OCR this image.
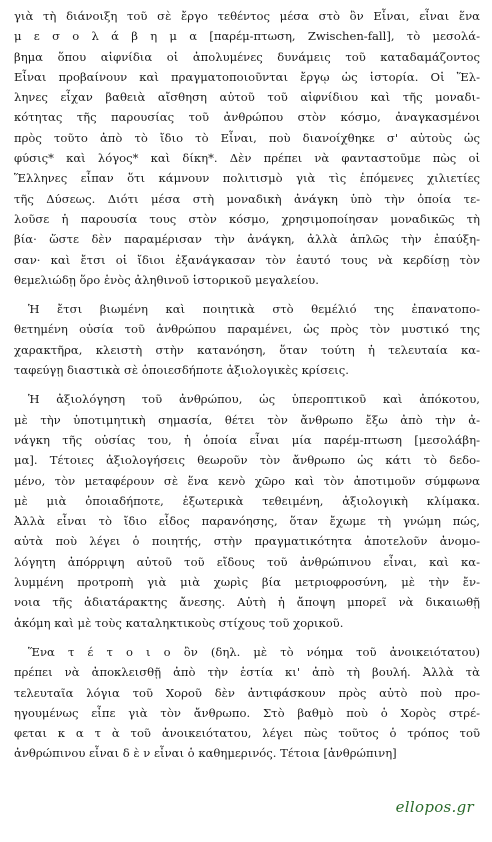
γιὰ τὴ διάνοιξη τοῦ σὲ ἔργο τεθέντος μέσα στὸ ὂν Εἶναι, εἶναι ἕνα
μ ε σ ο λ ά β η μ α [παρέμ-πτωση, Zwischen-fall], τὸ μεσολά-
βημα ὅπου αἰφνίδια οἱ ἀπολυμένες δυνάμεις τοῦ καταδαμάζοντος
Εἶναι προβαίνουν καὶ πραγματοποιοῦνται ἔργῳ ὡς ἱστορία. Οἱ Ἕλ-
ληνες εἶχαν βαθειὰ αἴσθηση αὐτοῦ τοῦ αἰφνίδιου καὶ τῆς μοναδι-
κότητας τῆς παρουσίας τοῦ ἀνθρώπου στὸν κόσμο, ἀναγκασμένοι
πρὸς τοῦτο ἀπὸ τὸ ἴδιο τὸ Εἶναι, ποὺ διανοίχθηκε σ' αὐτοὺς ὡς
φύσις* καὶ λόγος* καὶ δίκη*. Δὲν πρέπει νὰ φανταστοῦμε πὼς οἱ
Ἕλληνες εἶπαν ὅτι κάμνουν πολιτισμὸ γιὰ τὶς ἑπόμενες χιλιετίες
τῆς Δύσεως. Διότι μέσα στὴ μοναδικὴ ἀνάγκη ὑπὸ τὴν ὁποία τε-
λοῦσε ἡ παρουσία τους στὸν κόσμο, χρησιμοποίησαν μοναδικῶς τὴ
βία· ὥστε δὲν παραμέρισαν τὴν ἀνάγκη, ἀλλὰ ἁπλῶς τὴν ἐπαύξη-
σαν· καὶ ἔτσι οἱ ἴδιοι ἐξανάγκασαν τὸν ἑαυτό τους νὰ κερδίσῃ τὸν
θεμελιώδῃ ὅρο ἑνὸς ἀληθινοῦ ἱστορικοῦ μεγαλείου.
Ἡ ἔτσι βιωμένη καὶ ποιητικὰ στὸ θεμέλιό της ἐπανατοπο-
θετημένη οὐσία τοῦ ἀνθρώπου παραμένει, ὡς πρὸς τὸν μυστικό της
χαρακτῆρα, κλειστὴ στὴν κατανόηση, ὅταν τούτη ἡ τελευταία κα-
ταφεύγῃ διαστικὰ σὲ ὁποιεσδήποτε ἀξιολογικὲς κρίσεις.
Ἡ ἀξιολόγηση τοῦ ἀνθρώπου, ὡς ὑπεροπτικοῦ καὶ ἀπόκοτου,
μὲ τὴν ὑποτιμητικὴ σημασία, θέτει τὸν ἄνθρωπο ἔξω ἀπὸ τὴν ἀ-
νάγκη τῆς οὐσίας του, ἡ ὁποία εἶναι μία παρέμ-πτωση [μεσολάβη-
μα]. Τέτοιες ἀξιολογήσεις θεωροῦν τὸν ἄνθρωπο ὡς κάτι τὸ δεδο-
μένο, τὸν μεταφέρουν σὲ ἕνα κενὸ χῶρο καὶ τὸν ἀποτιμοῦν σύμφωνα
μὲ μιὰ ὁποιαδήποτε, ἐξωτερικὰ τεθειμένη, ἀξιολογικὴ κλίμακα.
Ἀλλὰ εἶναι τὸ ἴδιο εἶδος παρανόησης, ὅταν ἔχωμε τὴ γνώμη πώς,
αὐτὰ ποὺ λέγει ὁ ποιητής, στὴν πραγματικότητα ἀποτελοῦν ἀνομο-
λόγητη ἀπόρριψη αὐτοῦ τοῦ εἴδους τοῦ ἀνθρώπινου εἶναι, καὶ κα-
λυμμένη προτροπὴ γιὰ μιὰ χωρὶς βία μετριοφροσύνη, μὲ τὴν ἔν-
νοια τῆς ἀδιατάρακτης ἄνεσης. Αὐτὴ ἡ ἄποψη μπορεῖ νὰ δικαιωθῇ
ἀκόμη καὶ μὲ τοὺς καταληκτικοὺς στίχους τοῦ χορικοῦ.
Ἕνα τ έ τ ο ι ο ὂν (δηλ. μὲ τὸ νόημα τοῦ ἀνοικειότατου)
πρέπει νὰ ἀποκλεισθῇ ἀπὸ τὴν ἑστία κι' ἀπὸ τὴ βουλή. Ἀλλὰ τὰ
τελευταῖα λόγια τοῦ Χοροῦ δὲν ἀντιφάσκουν πρὸς αὐτὸ ποὺ προ-
ηγουμένως εἶπε γιὰ τὸν ἄνθρωπο. Στὸ βαθμὸ ποὺ ὁ Χορὸς στρέ-
φεται κ α τ ὰ τοῦ ἀνοικειότατου, λέγει πὼς τοῦτος ὁ τρόπος τοῦ
ἀνθρώπινου εἶναι δ ὲ ν εἶναι ὁ καθημερινός. Τέτοια [ἀνθρώπινη]
ellopos.gr
